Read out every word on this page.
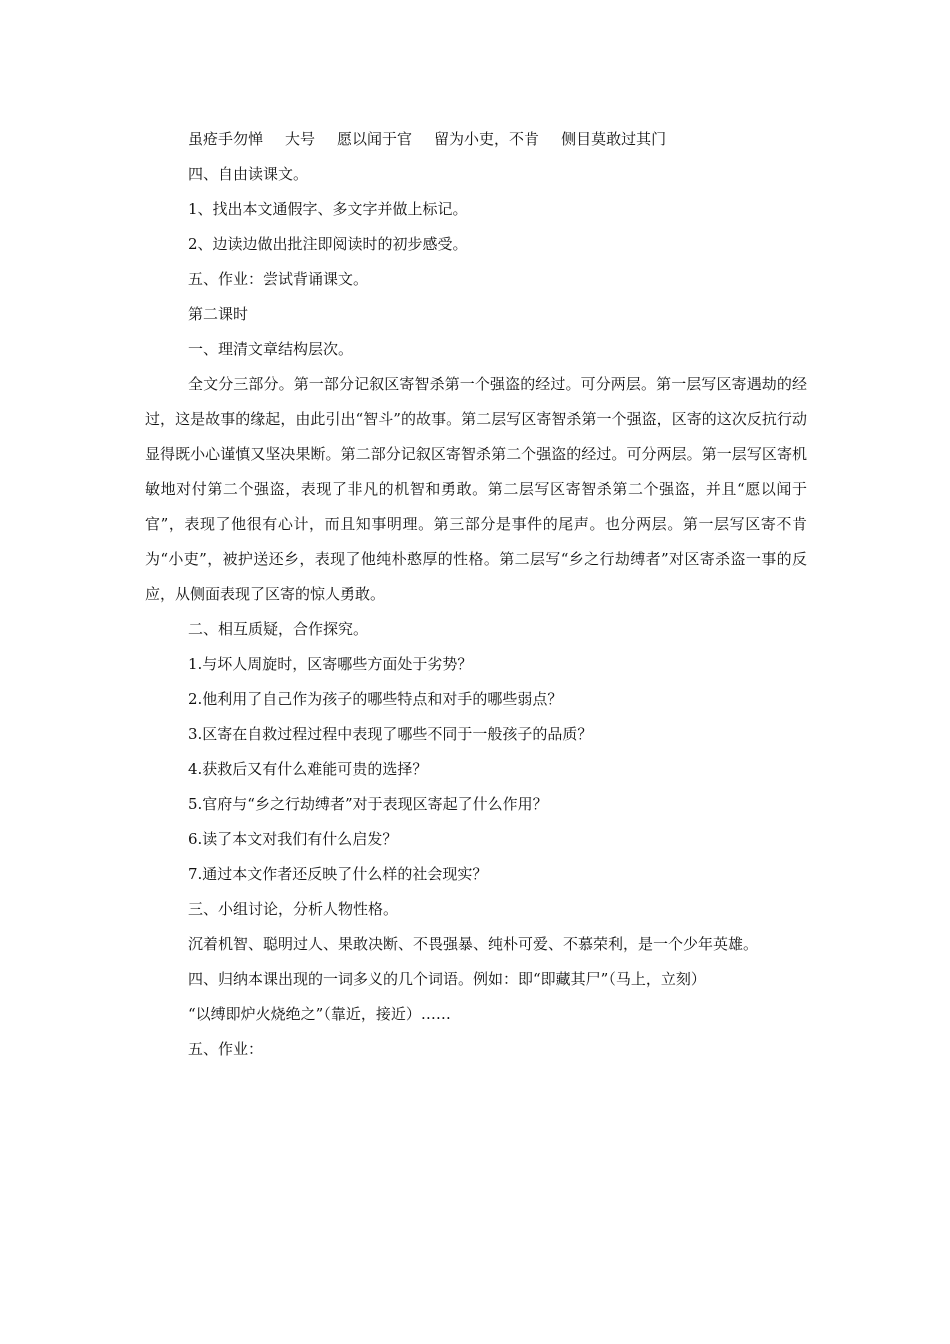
虽疮手勿惮 大号 愿以闻于官 留为小吏，不肯 侧目莫敢过其门

四、自由读课文。

1、找出本文通假字、多文字并做上标记。

2、边读边做出批注即阅读时的初步感受。

五、作业：尝试背诵课文。

第二课时

一、理清文章结构层次。

全文分三部分。第一部分记叙区寄智杀第一个强盗的经过。可分两层。第一层写区寄遇劫的经过，这是故事的缘起，由此引出“智斗”的故事。第二层写区寄智杀第一个强盗，区寄的这次反抗行动显得既小心谨慎又坚决果断。第二部分记叙区寄智杀第二个强盗的经过。可分两层。第一层写区寄机敏地对付第二个强盗，表现了非凡的机智和勇敢。第二层写区寄智杀第二个强盗，并且“愿以闻于官”，表现了他很有心计，而且知事明理。第三部分是事件的尾声。也分两层。第一层写区寄不肯为“小吏”，被护送还乡，表现了他纯朴憨厚的性格。第二层写“乡之行劫缚者”对区寄杀盗一事的反应，从侧面表现了区寄的惊人勇敢。

二、相互质疑，合作探究。

1.与坏人周旋时，区寄哪些方面处于劣势？

2.他利用了自己作为孩子的哪些特点和对手的哪些弱点？

3.区寄在自救过程过程中表现了哪些不同于一般孩子的品质？

4.获救后又有什么难能可贵的选择？

5.官府与“乡之行劫缚者”对于表现区寄起了什么作用？

6.读了本文对我们有什么启发？

7.通过本文作者还反映了什么样的社会现实？

三、小组讨论，分析人物性格。

沉着机智、聪明过人、果敢决断、不畏强暴、纯朴可爱、不慕荣利，是一个少年英雄。

四、归纳本课出现的一词多义的几个词语。例如：即“即藏其尸”（马上，立刻）

“以缚即炉火烧绝之”（靠近，接近）……

五、作业：
